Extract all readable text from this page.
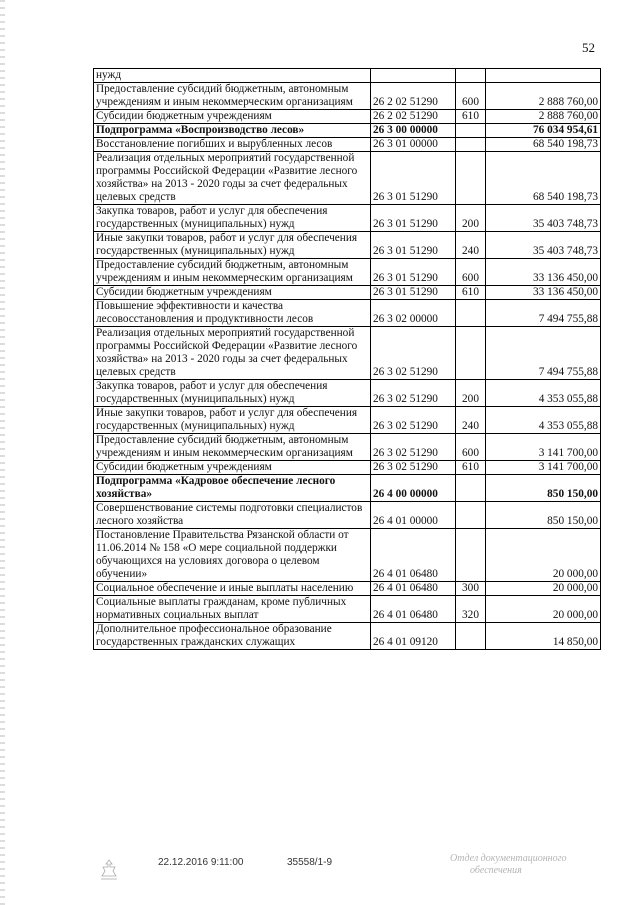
52
нужд			
Предоставление субсидий бюджетным, автономным учреждениям и иным некоммерческим организациям	26 2 02 51290	600	2 888 760,00
Субсидии бюджетным учреждениям	26 2 02 51290	610	2 888 760,00
Подпрограмма «Воспроизводство лесов»	26 3 00 00000		76 034 954,61
Восстановление погибших и вырубленных лесов	26 3 01 00000		68 540 198,73
Реализация отдельных мероприятий государственной программы Российской Федерации «Развитие лесного хозяйства» на 2013 - 2020 годы за счет федеральных целевых средств	26 3 01 51290		68 540 198,73
Закупка товаров, работ и услуг для обеспечения государственных (муниципальных) нужд	26 3 01 51290	200	35 403 748,73
Иные закупки товаров, работ и услуг для обеспечения государственных (муниципальных) нужд	26 3 01 51290	240	35 403 748,73
Предоставление субсидий бюджетным, автономным учреждениям и иным некоммерческим организациям	26 3 01 51290	600	33 136 450,00
Субсидии бюджетным учреждениям	26 3 01 51290	610	33 136 450,00
Повышение эффективности и качества лесовосстановления и продуктивности лесов	26 3 02 00000		7 494 755,88
Реализация отдельных мероприятий государственной программы Российской Федерации «Развитие лесного хозяйства» на 2013 - 2020 годы за счет федеральных целевых средств	26 3 02 51290		7 494 755,88
Закупка товаров, работ и услуг для обеспечения государственных (муниципальных) нужд	26 3 02 51290	200	4 353 055,88
Иные закупки товаров, работ и услуг для обеспечения государственных (муниципальных) нужд	26 3 02 51290	240	4 353 055,88
Предоставление субсидий бюджетным, автономным учреждениям и иным некоммерческим организациям	26 3 02 51290	600	3 141 700,00
Субсидии бюджетным учреждениям	26 3 02 51290	610	3 141 700,00
Подпрограмма «Кадровое обеспечение лесного хозяйства»	26 4 00 00000		850 150,00
Совершенствование системы подготовки специалистов лесного хозяйства	26 4 01 00000		850 150,00
Постановление Правительства Рязанской области от 11.06.2014 № 158 «О мере социальной поддержки обучающихся на условиях договора о целевом обучении»	26 4 01 06480		20 000,00
Социальное обеспечение и иные выплаты населению	26 4 01 06480	300	20 000,00
Социальные выплаты гражданам, кроме публичных нормативных социальных выплат	26 4 01 06480	320	20 000,00
Дополнительное профессиональное образование государственных гражданских служащих	26 4 01 09120		14 850,00
22.12.2016 9:11:00	35558/1-9	Отдел документационного
обеспечения
